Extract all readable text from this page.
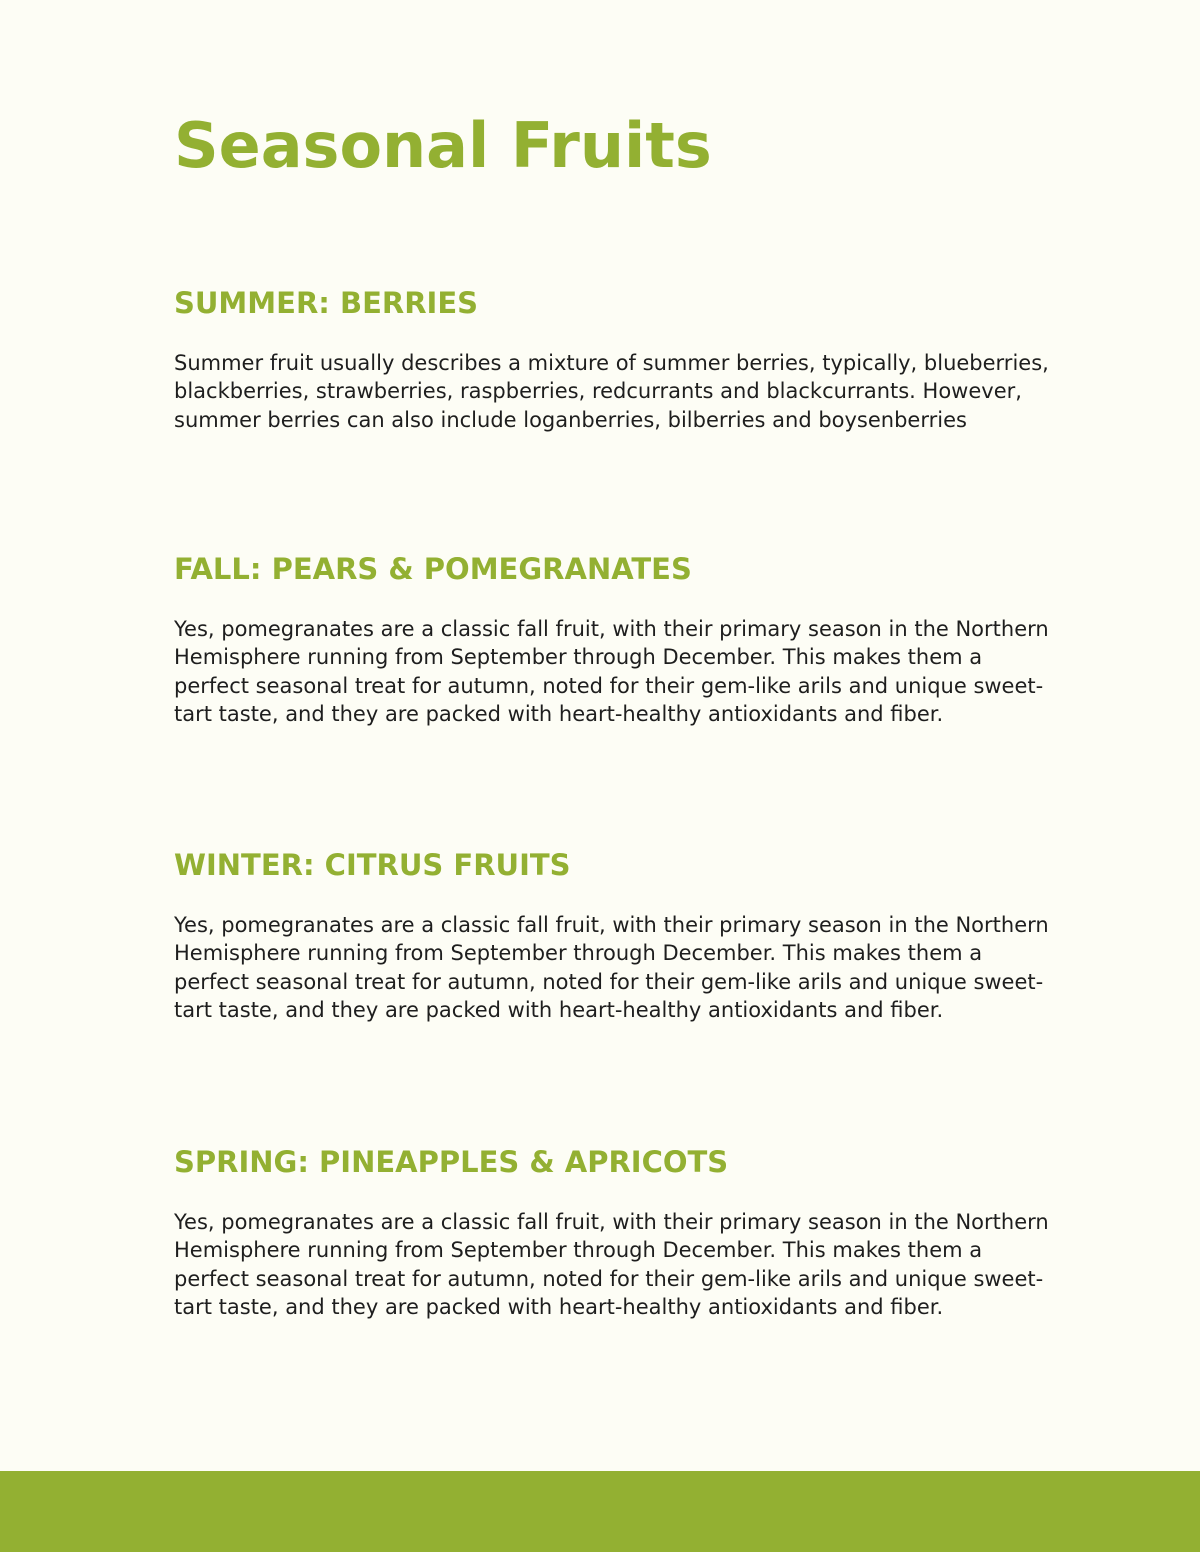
Seasonal Fruits
SUMMER: BERRIES

Summer fruit usually describes a mixture of summer berries, typically, blueberries, blackberries, strawberries, raspberries, redcurrants and blackcurrants. However, summer berries can also include loganberries, bilberries and boysenberries

FALL: PEARS & POMEGRANATES

Yes, pomegranates are a classic fall fruit, with their primary season in the Northern Hemisphere running from September through December. This makes them a perfect seasonal treat for autumn, noted for their gem-like arils and unique sweet-tart taste, and they are packed with heart-healthy antioxidants and fiber.

WINTER: CITRUS FRUITS

Yes, pomegranates are a classic fall fruit, with their primary season in the Northern Hemisphere running from September through December. This makes them a perfect seasonal treat for autumn, noted for their gem-like arils and unique sweet-tart taste, and they are packed with heart-healthy antioxidants and fiber.

SPRING: PINEAPPLES & APRICOTS

Yes, pomegranates are a classic fall fruit, with their primary season in the Northern Hemisphere running from September through December. This makes them a perfect seasonal treat for autumn, noted for their gem-like arils and unique sweet-tart taste, and they are packed with heart-healthy antioxidants and fiber.
